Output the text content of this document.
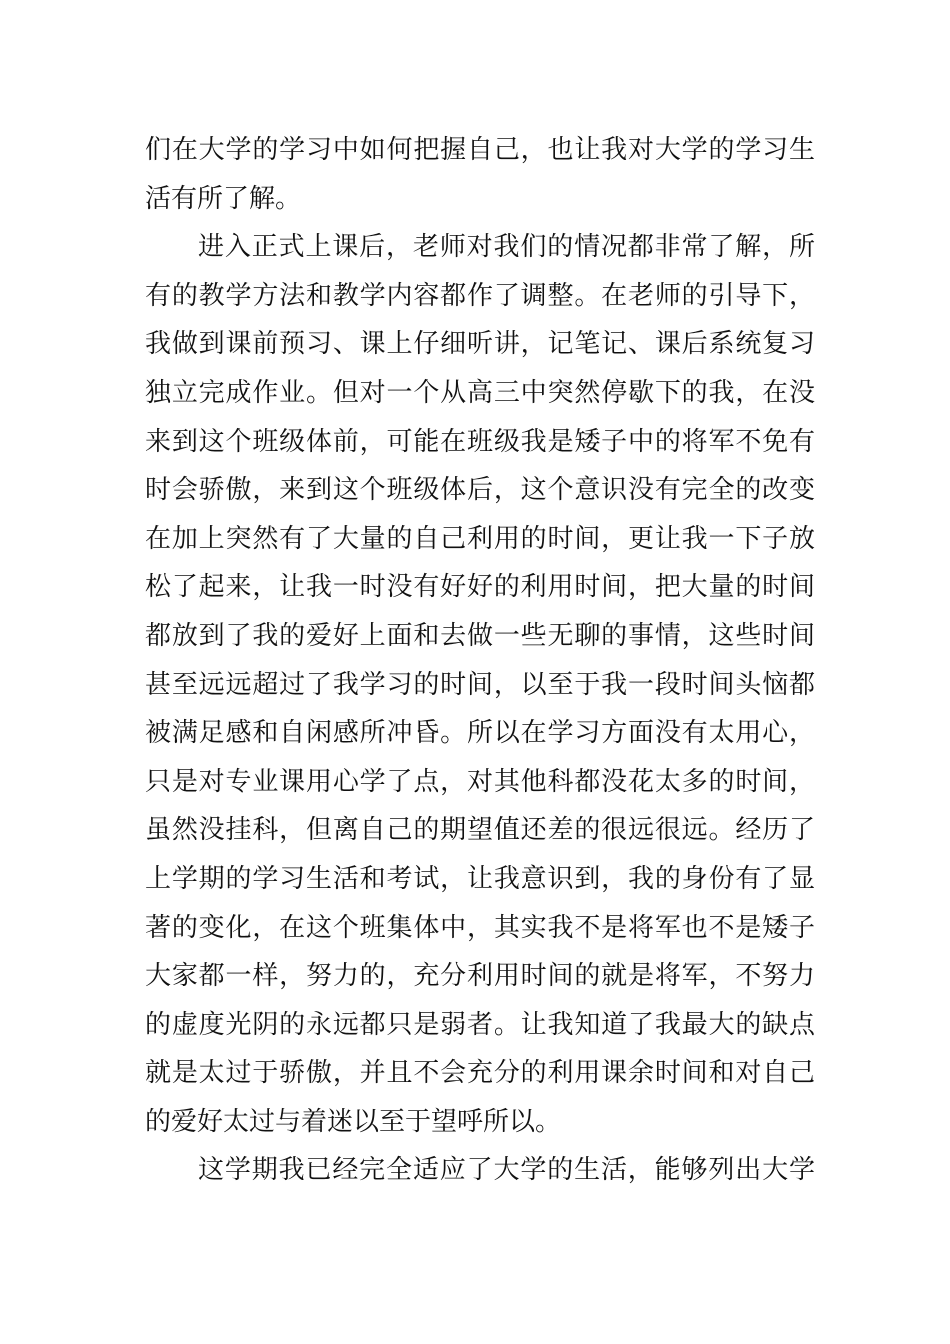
们在大学的学习中如何把握自己，也让我对大学的学习生
活有所了解。
进入正式上课后，老师对我们的情况都非常了解，所
有的教学方法和教学内容都作了调整。在老师的引导下，
我做到课前预习、课上仔细听讲，记笔记、课后系统复习
独立完成作业。但对一个从高三中突然停歇下的我，在没
来到这个班级体前，可能在班级我是矮子中的将军不免有
时会骄傲，来到这个班级体后，这个意识没有完全的改变
在加上突然有了大量的自己利用的时间，更让我一下子放
松了起来，让我一时没有好好的利用时间，把大量的时间
都放到了我的爱好上面和去做一些无聊的事情，这些时间
甚至远远超过了我学习的时间，以至于我一段时间头恼都
被满足感和自闲感所冲昏。所以在学习方面没有太用心，
只是对专业课用心学了点，对其他科都没花太多的时间，
虽然没挂科，但离自己的期望值还差的很远很远。经历了
上学期的学习生活和考试，让我意识到，我的身份有了显
著的变化，在这个班集体中，其实我不是将军也不是矮子
大家都一样，努力的，充分利用时间的就是将军，不努力
的虚度光阴的永远都只是弱者。让我知道了我最大的缺点
就是太过于骄傲，并且不会充分的利用课余时间和对自己
的爱好太过与着迷以至于望呼所以。
这学期我已经完全适应了大学的生活，能够列出大学
